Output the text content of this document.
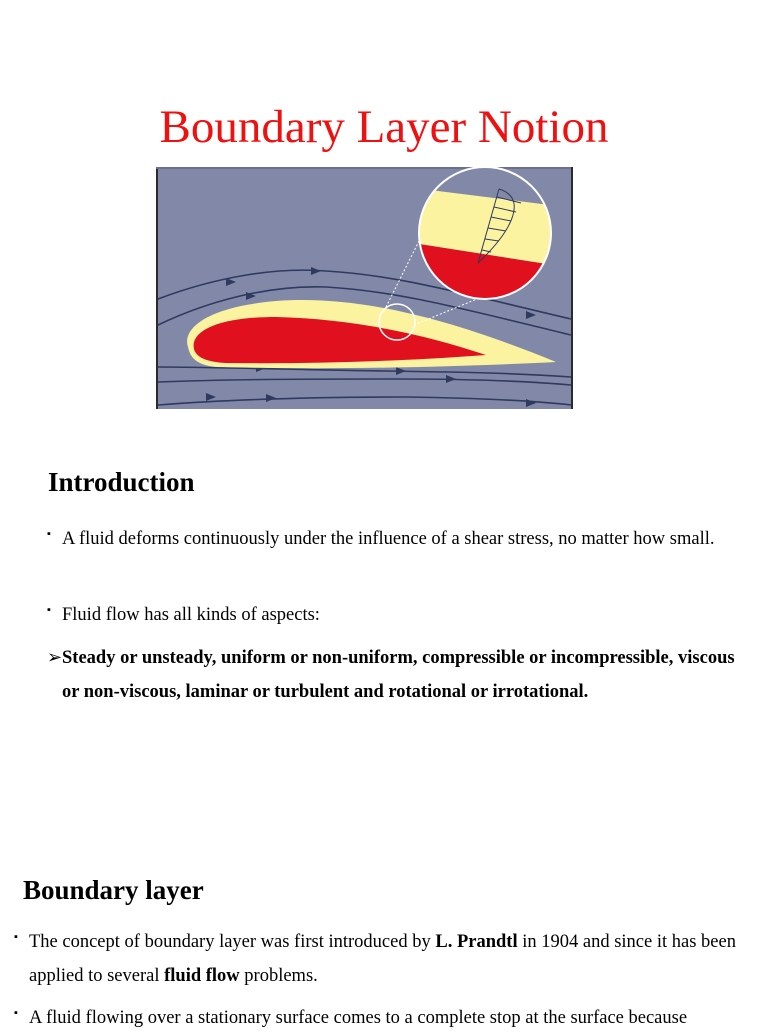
Boundary Layer Notion
Introduction
▪ A fluid deforms continuously under the influence of a shear stress, no matter how small.
▪ Fluid flow has all kinds of aspects:
➢ Steady or unsteady, uniform or non-uniform, compressible or incompressible, viscous or non-viscous, laminar or turbulent and rotational or irrotational.
Boundary layer
▪ The concept of boundary layer was first introduced by L. Prandtl in 1904 and since it has been applied to several fluid flow problems.
▪ A fluid flowing over a stationary surface comes to a complete stop at the surface because
